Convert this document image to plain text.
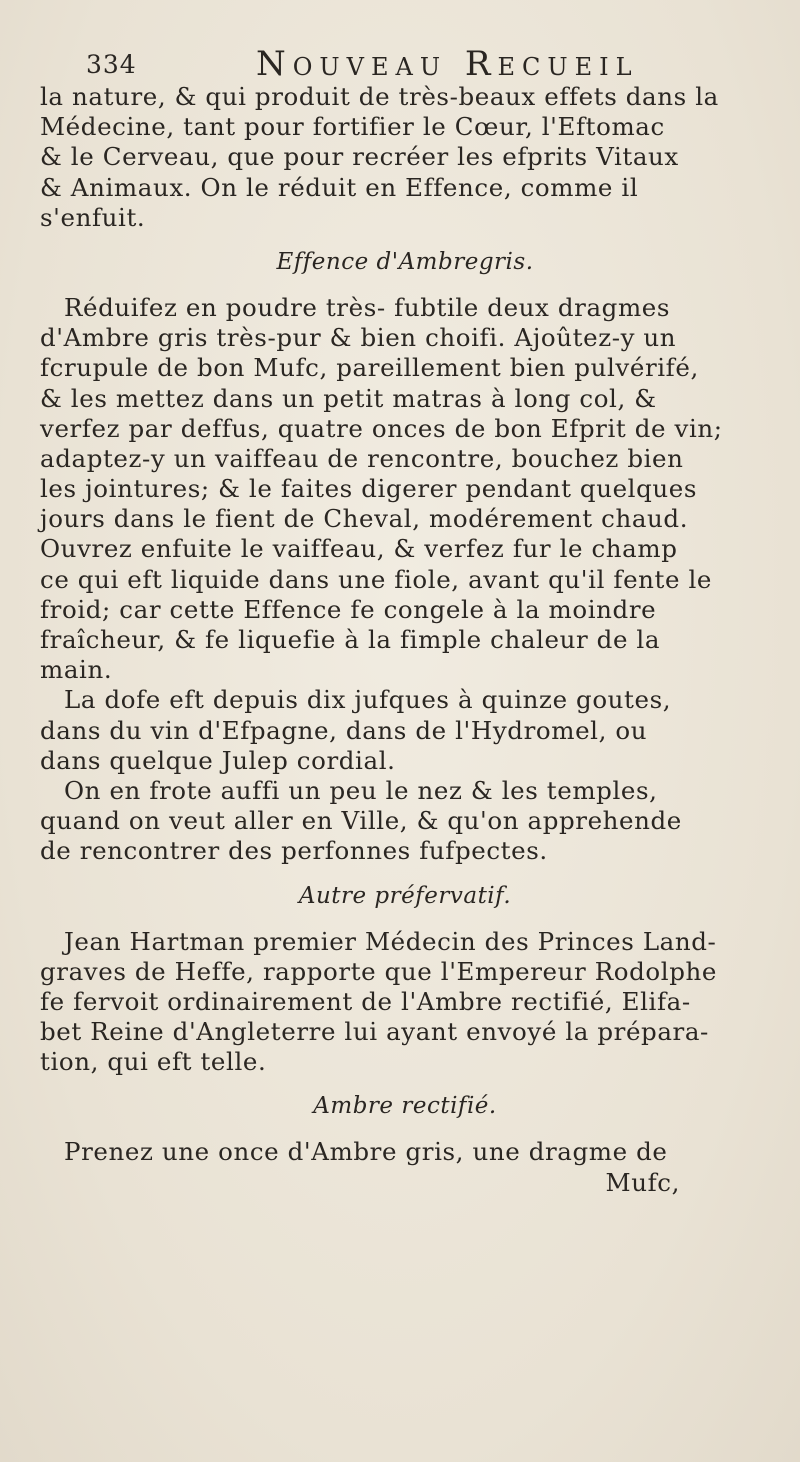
334	Nouveau Recueil
la nature, & qui produit de très-beaux effets dans la
Médecine, tant pour fortifier le Cœur, l'Eftomac
& le Cerveau, que pour recréer les efprits Vitaux
& Animaux. On le réduit en Effence, comme il
s'enfuit.
Effence d'Ambregris.
Réduifez en poudre très- fubtile deux dragmes
d'Ambre gris très-pur & bien choifi. Ajoûtez-y un
fcrupule de bon Mufc, pareillement bien pulvérifé,
& les mettez dans un petit matras à long col, &
verfez par deffus, quatre onces de bon Efprit de vin;
adaptez-y un vaiffeau de rencontre, bouchez bien
les jointures; & le faites digerer pendant quelques
jours dans le fient de Cheval, modérement chaud.
Ouvrez enfuite le vaiffeau, & verfez fur le champ
ce qui eft liquide dans une fiole, avant qu'il fente le
froid; car cette Effence fe congele à la moindre
fraîcheur, & fe liquefie à la fimple chaleur de la
main.
La dofe eft depuis dix jufques à quinze goutes,
dans du vin d'Efpagne, dans de l'Hydromel, ou
dans quelque Julep cordial.
On en frote auffi un peu le nez & les temples,
quand on veut aller en Ville, & qu'on apprehende
de rencontrer des perfonnes fufpectes.
Autre préfervatif.
Jean Hartman premier Médecin des Princes Land-
graves de Heffe, rapporte que l'Empereur Rodolphe
fe fervoit ordinairement de l'Ambre rectifié, Elifa-
bet Reine d'Angleterre lui ayant envoyé la prépara-
tion, qui eft telle.
Ambre rectifié.
Prenez une once d'Ambre gris, une dragme de
Mufc,
